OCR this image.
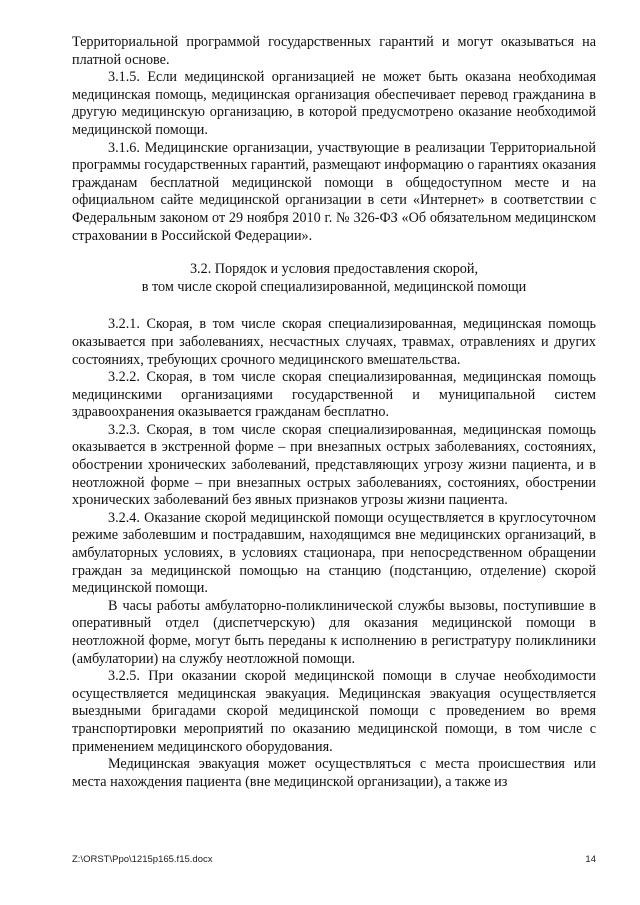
Территориальной программой государственных гарантий и могут оказываться на платной основе.

3.1.5. Если медицинской организацией не может быть оказана необходимая медицинская помощь, медицинская организация обеспечивает перевод гражданина в другую медицинскую организацию, в которой предусмотрено оказание необходимой медицинской помощи.

3.1.6. Медицинские организации, участвующие в реализации Территориальной программы государственных гарантий, размещают информацию о гарантиях оказания гражданам бесплатной медицинской помощи в общедоступном месте и на официальном сайте медицинской организации в сети «Интернет» в соответствии с Федеральным законом от 29 ноября 2010 г. № 326-ФЗ «Об обязательном медицинском страховании в Российской Федерации».

3.2. Порядок и условия предоставления скорой,
в том числе скорой специализированной, медицинской помощи

3.2.1. Скорая, в том числе скорая специализированная, медицинская помощь оказывается при заболеваниях, несчастных случаях, травмах, отравлениях и других состояниях, требующих срочного медицинского вмешательства.

3.2.2. Скорая, в том числе скорая специализированная, медицинская помощь медицинскими организациями государственной и муниципальной систем здравоохранения оказывается гражданам бесплатно.

3.2.3. Скорая, в том числе скорая специализированная, медицинская помощь оказывается в экстренной форме – при внезапных острых заболеваниях, состояниях, обострении хронических заболеваний, представляющих угрозу жизни пациента, и в неотложной форме – при внезапных острых заболеваниях, состояниях, обострении хронических заболеваний без явных признаков угрозы жизни пациента.

3.2.4. Оказание скорой медицинской помощи осуществляется в круглосуточном режиме заболевшим и пострадавшим, находящимся вне медицинских организаций, в амбулаторных условиях, в условиях стационара, при непосредственном обращении граждан за медицинской помощью на станцию (подстанцию, отделение) скорой медицинской помощи.

В часы работы амбулаторно-поликлинической службы вызовы, поступившие в оперативный отдел (диспетчерскую) для оказания медицинской помощи в неотложной форме, могут быть переданы к исполнению в регистратуру поликлиники (амбулатории) на службу неотложной помощи.

3.2.5. При оказании скорой медицинской помощи в случае необходимости осуществляется медицинская эвакуация. Медицинская эвакуация осуществляется выездными бригадами скорой медицинской помощи с проведением во время транспортировки мероприятий по оказанию медицинской помощи, в том числе с применением медицинского оборудования.

Медицинская эвакуация может осуществляться с места происшествия или места нахождения пациента (вне медицинской организации), а также из

Z:\ORST\Ppo\1215p165.f15.docx	14
